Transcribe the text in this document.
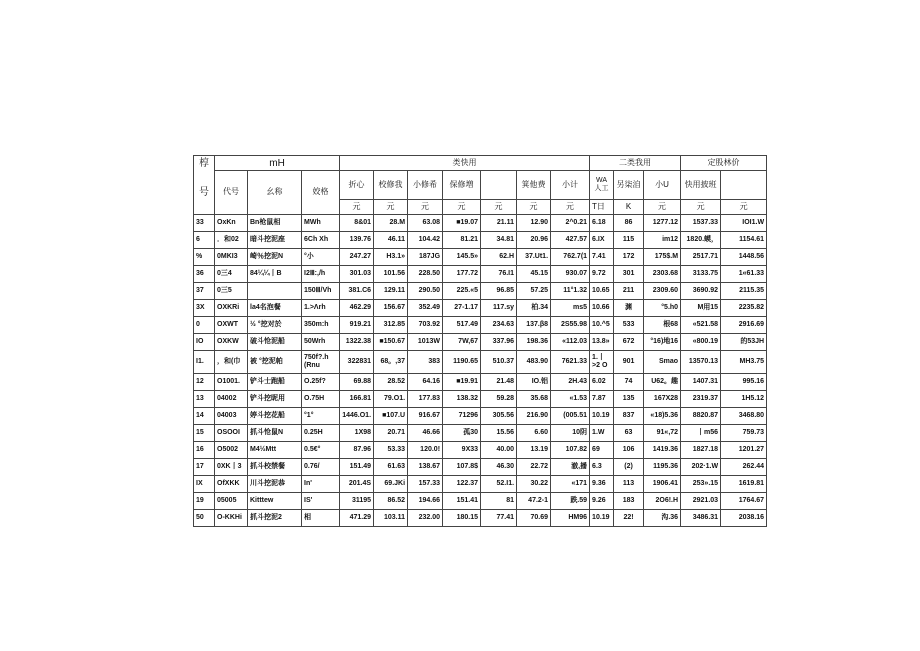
椁	mH			类快用							二类我用			定股林价	
号	代号	幺称	姣格	折心	校修我	小修希	保修増		箕他费	小计	WA 人工	另柒洎	小U	快用披班	
				元	元	元	元	元	元	元	T日	K	元	元	元
33	OxKn	Bn枪鼠相	MWh	8&01	28.M	63.08	■19.07	21.11	12.90	2^0.21	6.18	86	1277.12	1537.33	IOI1.W
6	．和02	暗斗挖泥座	6Ch Xh	139.76	46.11	104.42	81.21	34.81	20.96	427.57	6.IX	115	im12	1820.蟆，	1154.61
%	0MKI3	崎％挖泥N	°小	247.27	H3.1»	187JG	145.5»	62.H	37.Ut1.	762.7(1	7.41	172	175$.M	2517.71	1448.56
36	0三4	84¼¼丨B	I2Ⅲ:,/h	301.03	101.56	228.50	177.72	76.I1	45.15	930.07	9.72	301	2303.68	3133.75	1«61.33
37	0三5		150Ⅲ/Vh	381.C6	129.11	290.50	225.«5	96.85	57.25	11°1.32	10.65	211	2309.60	3690.92	2115.35
3X	OXKRi	la4名泡餐	1.>Λrh	462.29	156.67	352.49	27-1.17	117.sy	柏.34	ms5	10.66	渊	°5.h0	M用15	2235.82
0	OXWT	½ °挖对於	350m:h	919.21	312.85	703.92	517.49	234.63	137.β8	2S55.98	10.^5	533	根68	«521.58	2916.69
IO	OXKW	破斗怆泥船	50Wrh	1322.38	■150.67	1013W	7W,67	337.96	198.36	«112.03	13.8»	672	°16)地16	«800.19	的53JH
I1.	，和(巾	被 °挖泥帕	750f?.h (Rnu	322831	68。,37	383	1190.65	510.37	483.90	7621.33	1.丨>2 O	901	Smao	13570.13	MH3.75
12	O1001.	铲斗士跑船	O.25f?	69.88	28.52	64.16	■19.91	21.48	IO.铝	2H.43	6.02	74	U62。趣	1407.31	995.16
13	04002	铲斗挖昵用	O.75H	166.81	79.O1.	177.83	138.32	59.28	35.68	«1.53	7.87	135	167X28	2319.37	1H5.12
14	04003	婷斗挖花船	°1°	1446.O1.	■107.U	916.67	71296	305.56	216.90	(005.51	10.19	837	«18)5.36	8820.87	3468.80
15	OSOOI	抓斗怆鼠N	0.25H	1X98	20.71	46.66	孤30	15.56	6.60	10阴	1.W	63	91«,72	丨m56	759.73
16	O5002	M4½Mtt	0.5€°	87.96	53.33	120.0!	9X33	40.00	13.19	107.82	69	106	1419.36	1827.18	1201.27
17	0XK丨3	抓斗校禁餐	0.76/	151.49	61.63	138.67	107.8$	46.30	22.72	澈,播	6.3	(2)	1195.36	202·1.W	262.44
IX	OfXKK	川斗挖泥恭	In'	201.4S	69.JKi	157.33	122.37	52.I1.	30.22	«171	9.36	113	1906.41	253».15	1619.81
19	05005	Kitttew	IS'	31195	86.52	194.66	151.41	81	47.2-1	跌.59	9.26	183	2O6!.H	2921.03	1764.67
50	O-KKHi	抓斗挖泥2	相	471.29	103.11	232.00	180.15	77.41	70.69	HM96	10.19	22!	沟.36	3486.31	2038.16
